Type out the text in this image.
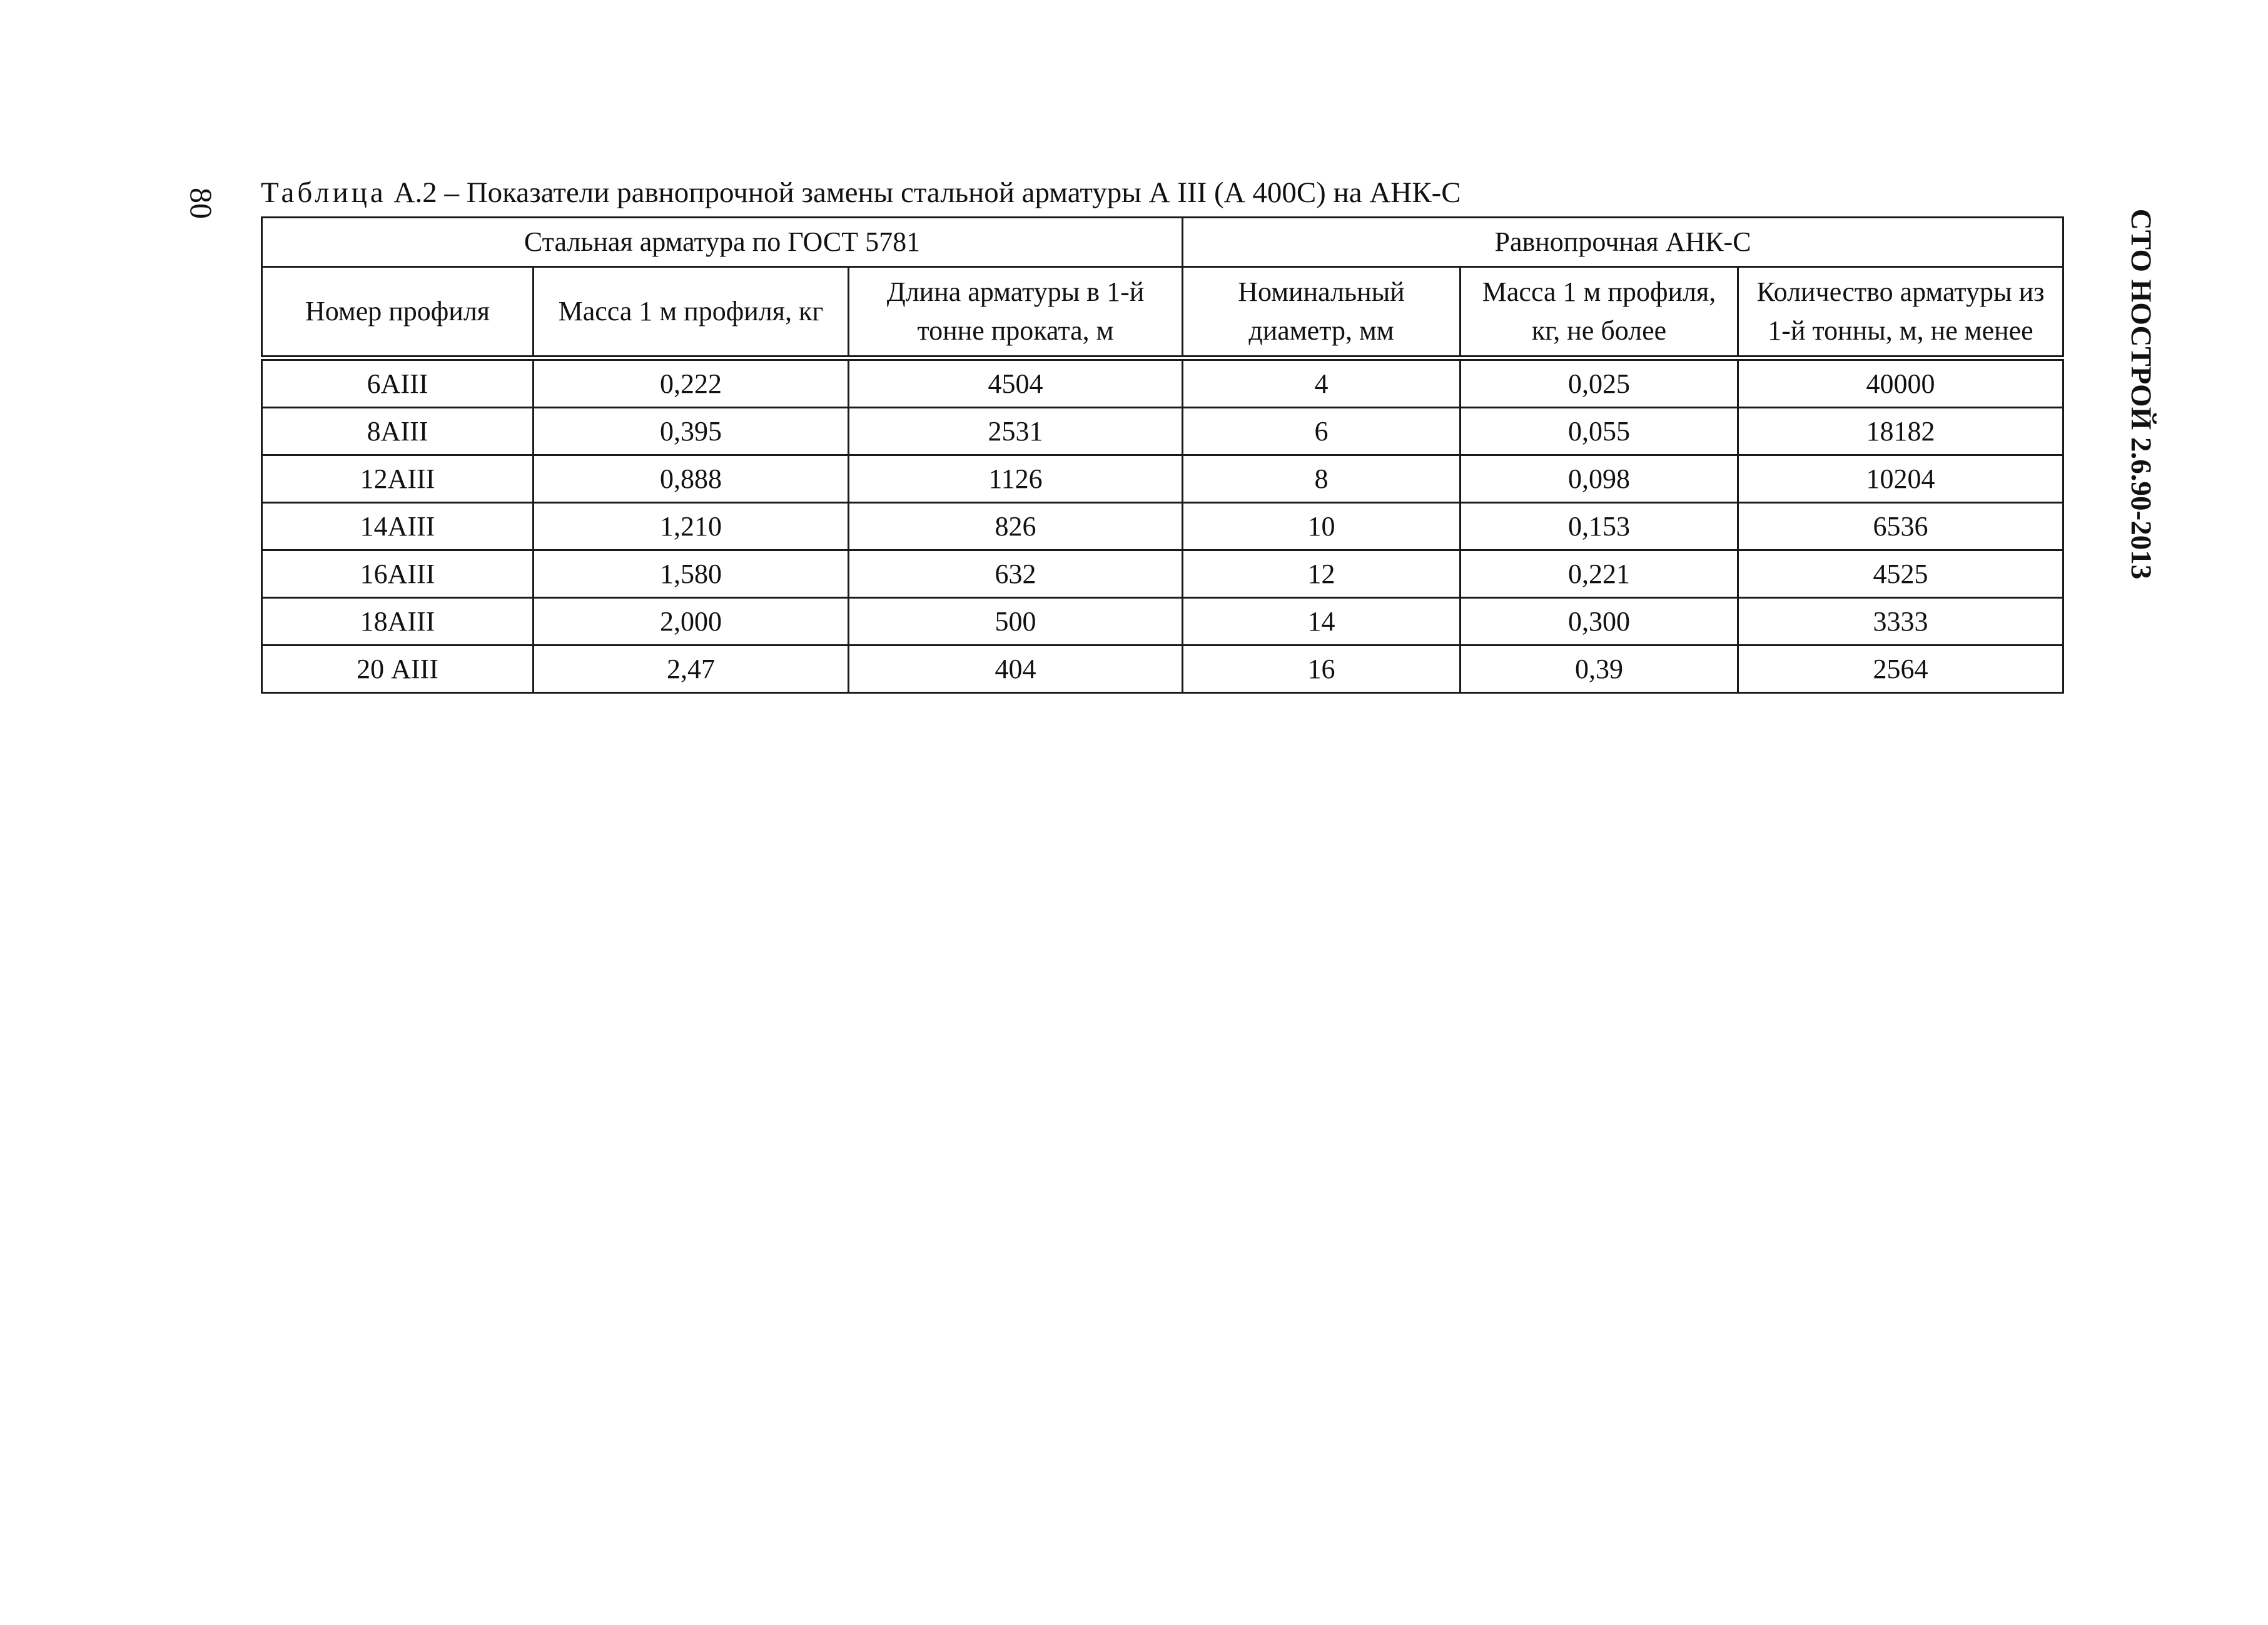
80
СТО НОСТРОЙ 2.6.90-2013
Таблица А.2 – Показатели равнопрочной замены стальной арматуры А III (А 400С) на АНК-С
Стальная арматура по ГОСТ 5781			Равнопрочная АНК-С		
Номер профиля	Масса 1 м профиля, кг	Длина арматуры в 1-й тонне проката, м	Номинальный диаметр, мм	Масса 1 м профиля, кг, не более	Количество арматуры из 1-й тонны, м, не менее
6АIII	0,222	4504	4	0,025	40000
8АIII	0,395	2531	6	0,055	18182
12АIII	0,888	1126	8	0,098	10204
14АIII	1,210	826	10	0,153	6536
16АIII	1,580	632	12	0,221	4525
18АIII	2,000	500	14	0,300	3333
20 АIII	2,47	404	16	0,39	2564
